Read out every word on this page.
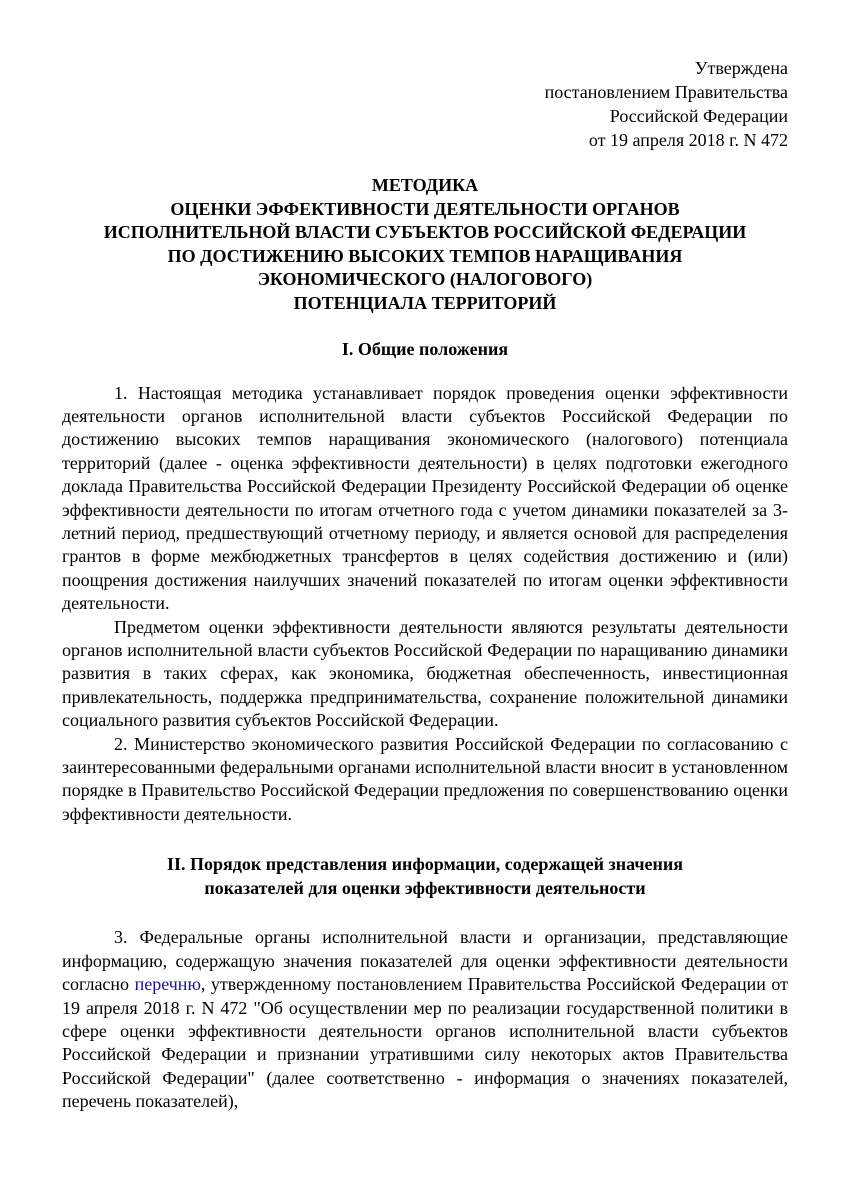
Утверждена
постановлением Правительства
Российской Федерации
от 19 апреля 2018 г. N 472
МЕТОДИКА
ОЦЕНКИ ЭФФЕКТИВНОСТИ ДЕЯТЕЛЬНОСТИ ОРГАНОВ
ИСПОЛНИТЕЛЬНОЙ ВЛАСТИ СУБЪЕКТОВ РОССИЙСКОЙ ФЕДЕРАЦИИ
ПО ДОСТИЖЕНИЮ ВЫСОКИХ ТЕМПОВ НАРАЩИВАНИЯ
ЭКОНОМИЧЕСКОГО (НАЛОГОВОГО)
ПОТЕНЦИАЛА ТЕРРИТОРИЙ
I. Общие положения

1. Настоящая методика устанавливает порядок проведения оценки эффективности деятельности органов исполнительной власти субъектов Российской Федерации по достижению высоких темпов наращивания экономического (налогового) потенциала территорий (далее - оценка эффективности деятельности) в целях подготовки ежегодного доклада Правительства Российской Федерации Президенту Российской Федерации об оценке эффективности деятельности по итогам отчетного года с учетом динамики показателей за 3-летний период, предшествующий отчетному периоду, и является основой для распределения грантов в форме межбюджетных трансфертов в целях содействия достижению и (или) поощрения достижения наилучших значений показателей по итогам оценки эффективности деятельности.

Предметом оценки эффективности деятельности являются результаты деятельности органов исполнительной власти субъектов Российской Федерации по наращиванию динамики развития в таких сферах, как экономика, бюджетная обеспеченность, инвестиционная привлекательность, поддержка предпринимательства, сохранение положительной динамики социального развития субъектов Российской Федерации.

2. Министерство экономического развития Российской Федерации по согласованию с заинтересованными федеральными органами исполнительной власти вносит в установленном порядке в Правительство Российской Федерации предложения по совершенствованию оценки эффективности деятельности.

II. Порядок представления информации, содержащей значения
показателей для оценки эффективности деятельности

3. Федеральные органы исполнительной власти и организации, представляющие информацию, содержащую значения показателей для оценки эффективности деятельности согласно перечню, утвержденному постановлением Правительства Российской Федерации от 19 апреля 2018 г. N 472 "Об осуществлении мер по реализации государственной политики в сфере оценки эффективности деятельности органов исполнительной власти субъектов Российской Федерации и признании утратившими силу некоторых актов Правительства Российской Федерации" (далее соответственно - информация о значениях показателей, перечень показателей),
